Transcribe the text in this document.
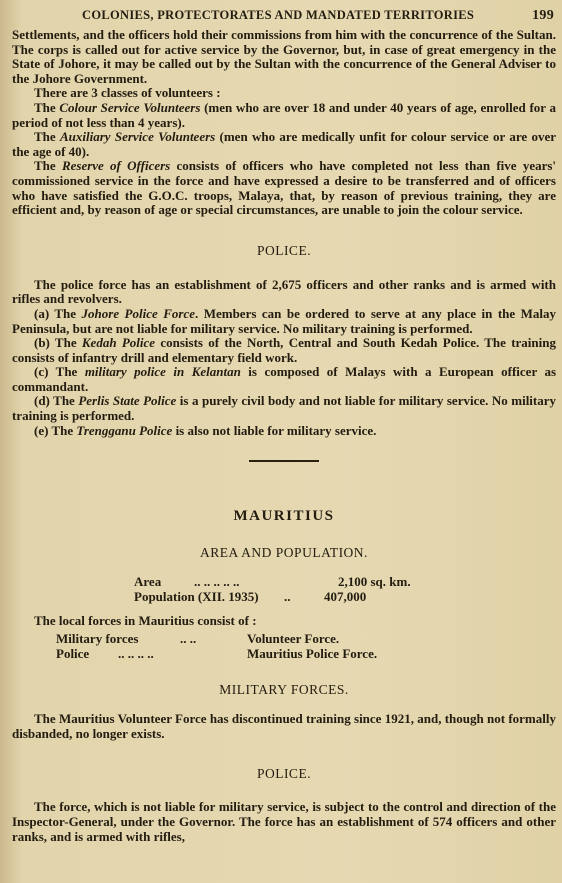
COLONIES, PROTECTORATES AND MANDATED TERRITORIES	199

Settlements, and the officers hold their commissions from him with the concurrence of the Sultan. The corps is called out for active service by the Governor, but, in case of great emergency in the State of Johore, it may be called out by the Sultan with the concurrence of the General Adviser to the Johore Government.

There are 3 classes of volunteers :

The Colour Service Volunteers (men who are over 18 and under 40 years of age, enrolled for a period of not less than 4 years).

The Auxiliary Service Volunteers (men who are medically unfit for colour service or are over the age of 40).

The Reserve of Officers consists of officers who have completed not less than five years' commissioned service in the force and have expressed a desire to be transferred and of officers who have satisfied the G.O.C. troops, Malaya, that, by reason of previous training, they are efficient and, by reason of age or special circumstances, are unable to join the colour service.

POLICE.

The police force has an establishment of 2,675 officers and other ranks and is armed with rifles and revolvers.

(a) The Johore Police Force. Members can be ordered to serve at any place in the Malay Peninsula, but are not liable for military service. No military training is performed.

(b) The Kedah Police consists of the North, Central and South Kedah Police. The training consists of infantry drill and elementary field work.

(c) The military police in Kelantan is composed of Malays with a European officer as commandant.

(d) The Perlis State Police is a purely civil body and not liable for military service. No military training is performed.

(e) The Trengganu Police is also not liable for military service.

MAURITIUS

AREA AND POPULATION.

Area	.. .. .. .. ..	2,100 sq. km.
Population (XII. 1935)	..	407,000

The local forces in Mauritius consist of :

Military forces	.. ..	Volunteer Force.
Police	.. .. .. ..	Mauritius Police Force.

MILITARY FORCES.

The Mauritius Volunteer Force has discontinued training since 1921, and, though not formally disbanded, no longer exists.

POLICE.

The force, which is not liable for military service, is subject to the control and direction of the Inspector-General, under the Governor. The force has an establishment of 574 officers and other ranks, and is armed with rifles,
